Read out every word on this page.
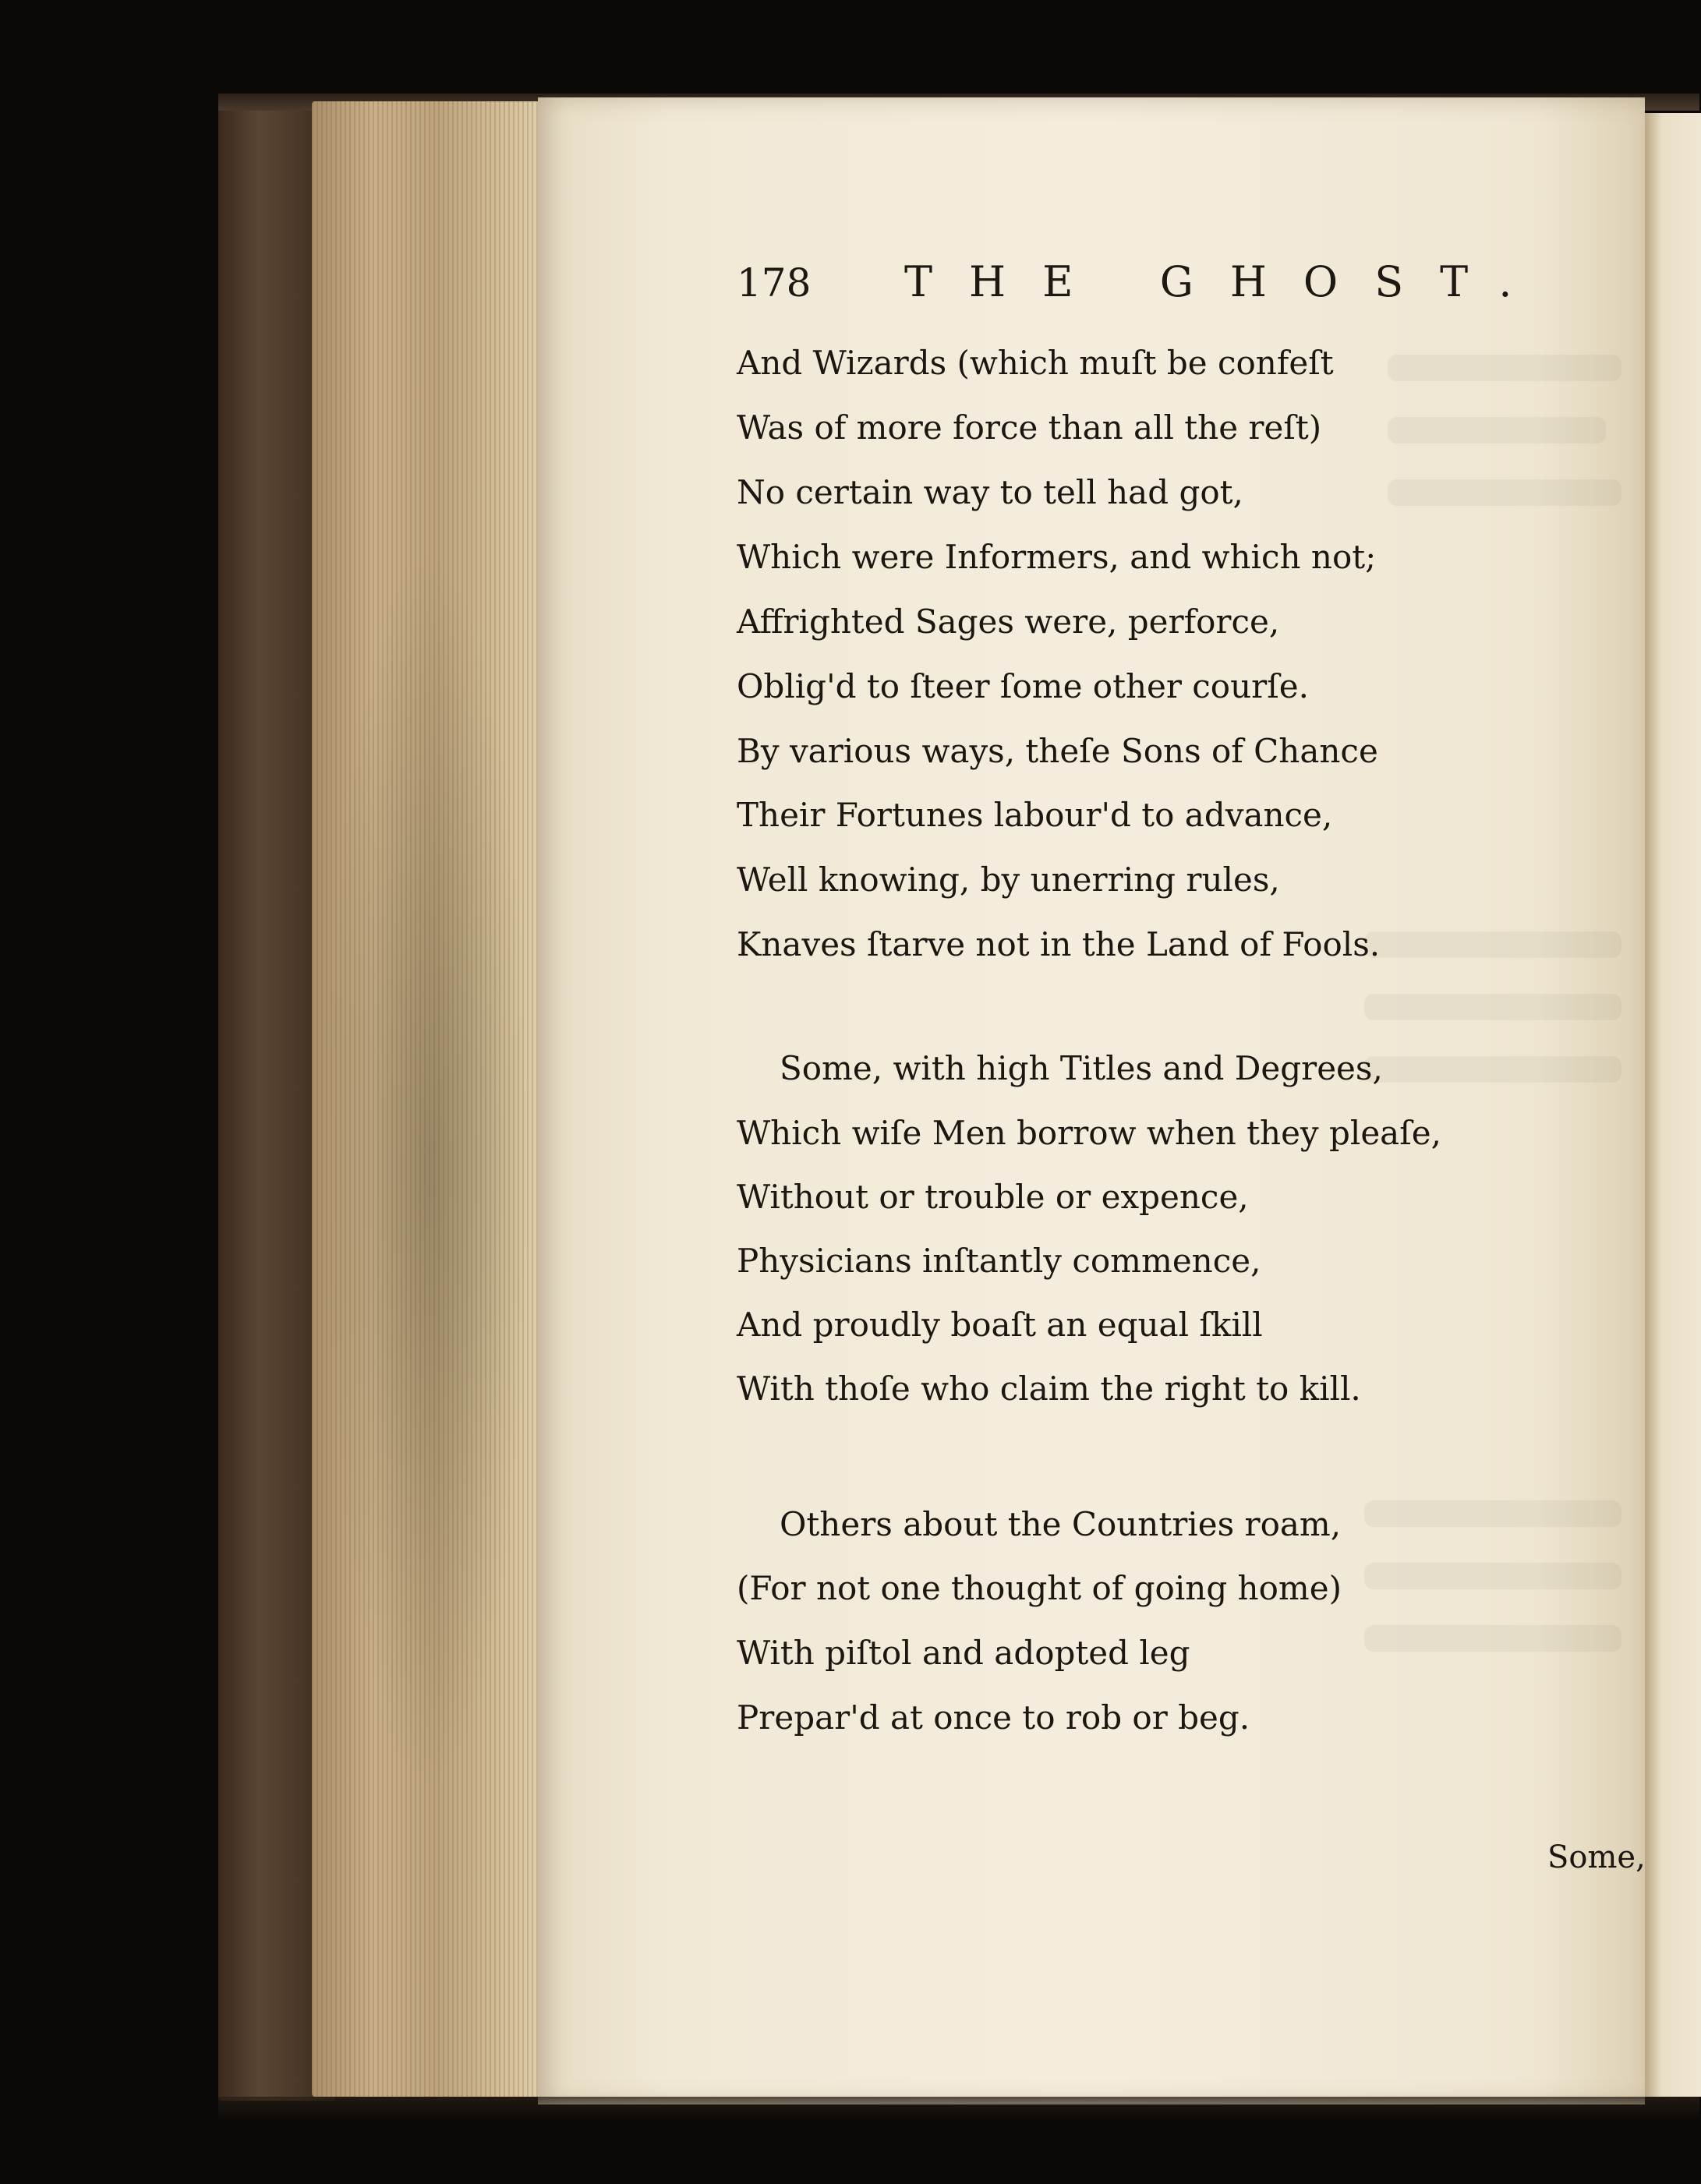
178 THE GHOST.
And Wizards (which muſt be confeſt
Was of more force than all the reſt)
No certain way to tell had got,
Which were Informers, and which not;
Affrighted Sages were, perforce,
Oblig'd to ſteer ſome other courſe.
By various ways, theſe Sons of Chance
Their Fortunes labour'd to advance,
Well knowing, by unerring rules,
Knaves ſtarve not in the Land of Fools.
Some, with high Titles and Degrees,
Which wiſe Men borrow when they pleaſe,
Without or trouble or expence,
Physicians inſtantly commence,
And proudly boaſt an equal ſkill
With thoſe who claim the right to kill.
Others about the Countries roam,
(For not one thought of going home)
With piſtol and adopted leg
Prepar'd at once to rob or beg.
Some,
